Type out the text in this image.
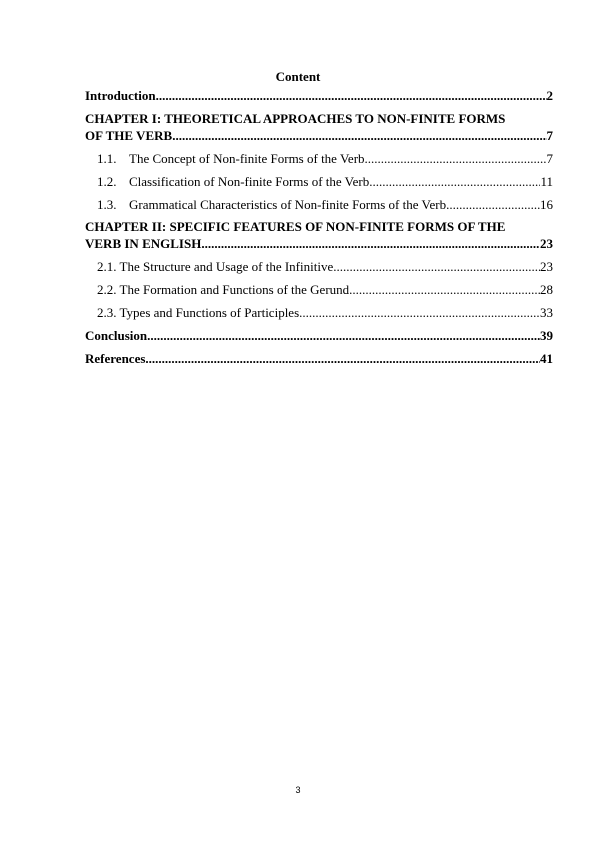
Content
Introduction .....	2
CHAPTER I: THEORETICAL APPROACHES TO NON-FINITE FORMS
OF THE VERB .....	7
1.1. The Concept of Non-finite Forms of the Verb .....	7
1.2. Classification of Non-finite Forms of the Verb .....	11
1.3. Grammatical Characteristics of Non-finite Forms of the Verb .....	16
CHAPTER II: SPECIFIC FEATURES OF NON-FINITE FORMS OF THE
VERB IN ENGLISH .....	23
2.1. The Structure and Usage of the Infinitive .....	23
2.2. The Formation and Functions of the Gerund .....	28
2.3. Types and Functions of Participles .....	33
Conclusion .....	39
References .....	41
3
